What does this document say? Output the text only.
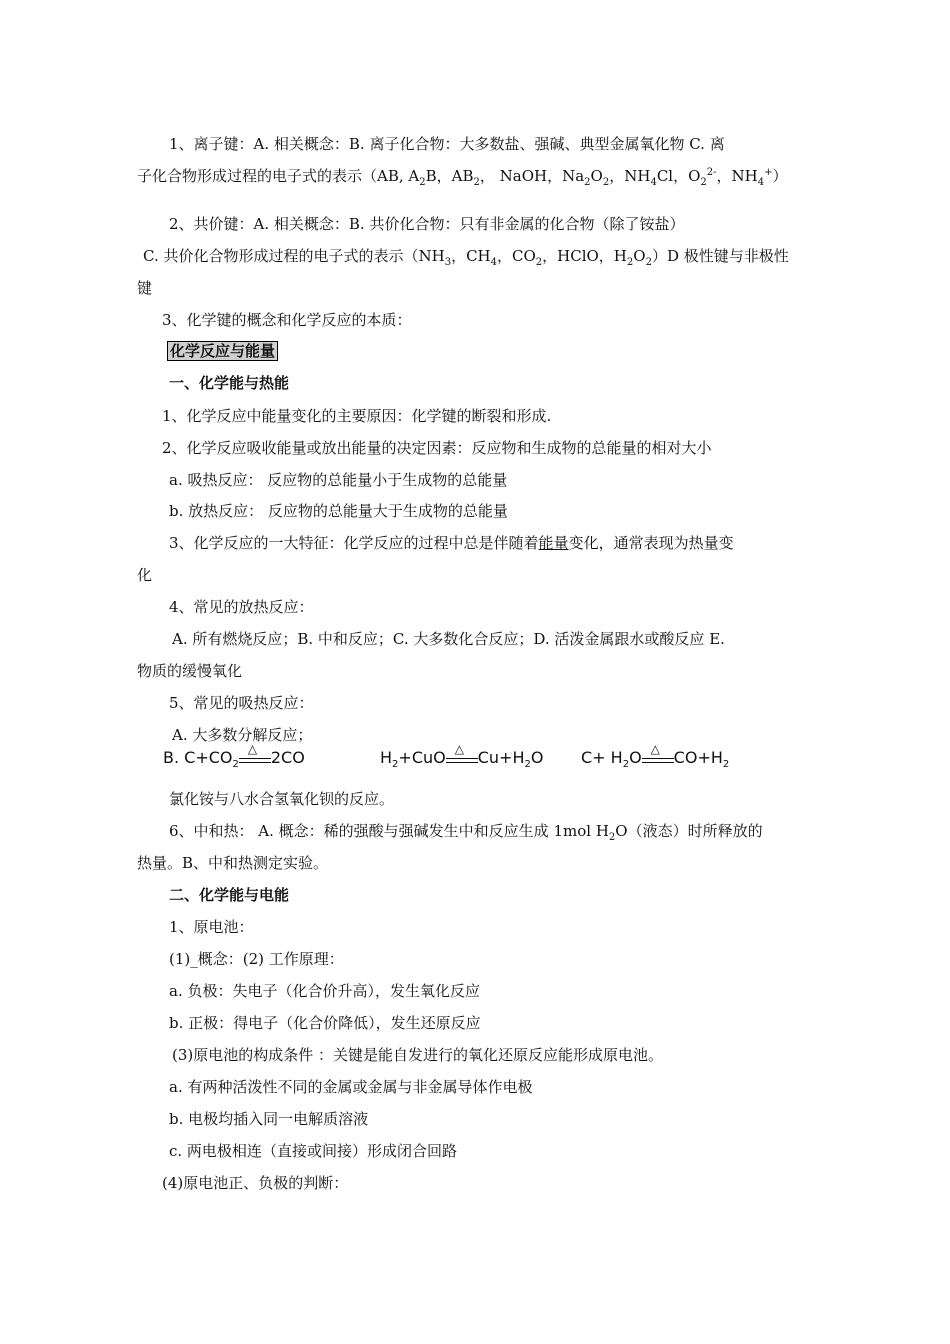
1、离子键：A. 相关概念：B. 离子化合物：大多数盐、强碱、典型金属氧化物 C. 离
子化合物形成过程的电子式的表示（AB, $A_2B$，$AB_2$， NaOH，$Na_2O_2$，$NH_4Cl$，$O_2^{2-}$，$NH_4^+$）
2、共价键：A. 相关概念：B. 共价化合物：只有非金属的化合物（除了铵盐）
C. 共价化合物形成过程的电子式的表示（$NH_3$，$CH_4$，$CO_2$，HClO，$H_2O_2)D$ 极性键与非极性
键
3、化学键的概念和化学反应的本质：
化学反应与能量
一、化学能与热能
1、化学反应中能量变化的主要原因：化学键的断裂和形成.
2、化学反应吸收能量或放出能量的决定因素：反应物和生成物的总能量的相对大小
a. 吸热反应： 反应物的总能量小于生成物的总能量
b. 放热反应： 反应物的总能量大于生成物的总能量
3、化学反应的一大特征：化学反应的过程中总是伴随着能量变化，通常表现为热量变
化
4、常见的放热反应：
A. 所有燃烧反应；B. 中和反应；C. 大多数化合反应；D. 活泼金属跟水或酸反应 E.
物质的缓慢氧化
5、常见的吸热反应：
A. 大多数分解反应；
B. $C+CO_2$
△ 2CO	$H_2+CuO$ △ $Cu+H_2O$ $C+ H_2O$ △ $CO+H_2$
氯化铵与八水合氢氧化钡的反应。
6、中和热： A. 概念：稀的强酸与强碱发生中和反应生成 1mol $H_2O$（液态）时所释放的
热量。B、中和热测定实验。
二、化学能与电能
1、原电池：
(1)_概念：(2) 工作原理：
a. 负极：失电子（化合价升高），发生氧化反应
b. 正极：得电子（化合价降低），发生还原反应
(3)原电池的构成条件 ：关键是能自发进行的氧化还原反应能形成原电池。
a. 有两种活泼性不同的金属或金属与非金属导体作电极
b. 电极均插入同一电解质溶液
c. 两电极相连（直接或间接）形成闭合回路
(4)原电池正、负极的判断：
